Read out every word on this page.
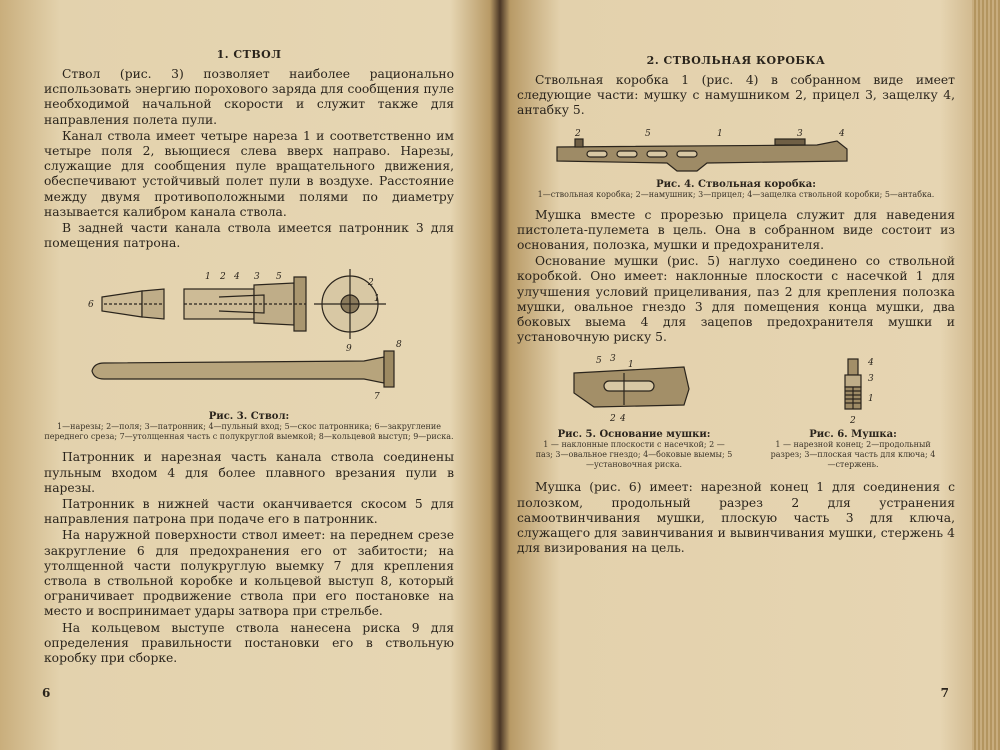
1. СТВОЛ

Ствол (рис. 3) позволяет наиболее рационально использовать энергию порохового заряда для сообщения пуле необходимой начальной скорости и служит также для направления полета пули.

Канал ствола имеет четыре нареза 1 и соответственно им четыре поля 2, вьющиеся слева вверх направо. Нарезы, служащие для сообщения пуле вращательного движения, обеспечивают устойчивый полет пули в воздухе. Расстояние между двумя противоположными полями по диаметру называется калибром канала ствола.

В задней части канала ствола имеется патронник 3 для помещения патрона.

1 2 4 3 5
6
2
1
9	8
7
Рис. 3. Ствол:
1—нарезы; 2—поля; 3—патронник; 4—пульный вход; 5—скос патронника; 6—закругление переднего среза; 7—утолщенная часть с полукруглой выемкой; 8—кольцевой выступ; 9—риска.

Патронник и нарезная часть канала ствола соединены пульным входом 4 для более плавного врезания пули в нарезы.

Патронник в нижней части оканчивается скосом 5 для направления патрона при подаче его в патронник.

На наружной поверхности ствол имеет: на переднем срезе закругление 6 для предохранения его от забитости; на утолщенной части полукруглую выемку 7 для крепления ствола в ствольной коробке и кольцевой выступ 8, который ограничивает продвижение ствола при его постановке на место и воспринимает удары затвора при стрельбе.

На кольцевом выступе ствола нанесена риска 9 для определения правильности постановки его в ствольную коробку при сборке.

6
2. СТВОЛЬНАЯ КОРОБКА

Ствольная коробка 1 (рис. 4) в собранном виде имеет следующие части: мушку с намушником 2, прицел 3, защелку 4, антабку 5.

2	5	1	3	4
Рис. 4. Ствольная коробка:
1—ствольная коробка; 2—намушник; 3—прицел; 4—защелка ствольной коробки; 5—антабка.

Мушка вместе с прорезью прицела служит для наведения пистолета-пулемета в цель. Она в собранном виде состоит из основания, полозка, мушки и предохранителя.

Основание мушки (рис. 5) наглухо соединено со ствольной коробкой. Оно имеет: наклонные плоскости с насечкой 1 для улучшения условий прицеливания, паз 2 для крепления полозка мушки, овальное гнездо 3 для помещения конца мушки, два боковых выема 4 для зацепов предохранителя мушки и установочную риску 5.

5 3
1
2 4
Рис. 5. Основание мушки:
1 — наклонные плоскости с насечкой; 2 — паз; 3—овальное гнездо; 4—боковые выемы; 5—установочная риска.
4
3
1
2
Рис. 6. Мушка:
1 — нарезной конец; 2—продольный разрез; 3—плоская часть для ключа; 4—стержень.

Мушка (рис. 6) имеет: нарезной конец 1 для соединения с полозком, продольный разрез 2 для устранения самоотвинчивания мушки, плоскую часть 3 для ключа, служащего для завинчивания и вывинчивания мушки, стержень 4 для визирования на цель.

7
